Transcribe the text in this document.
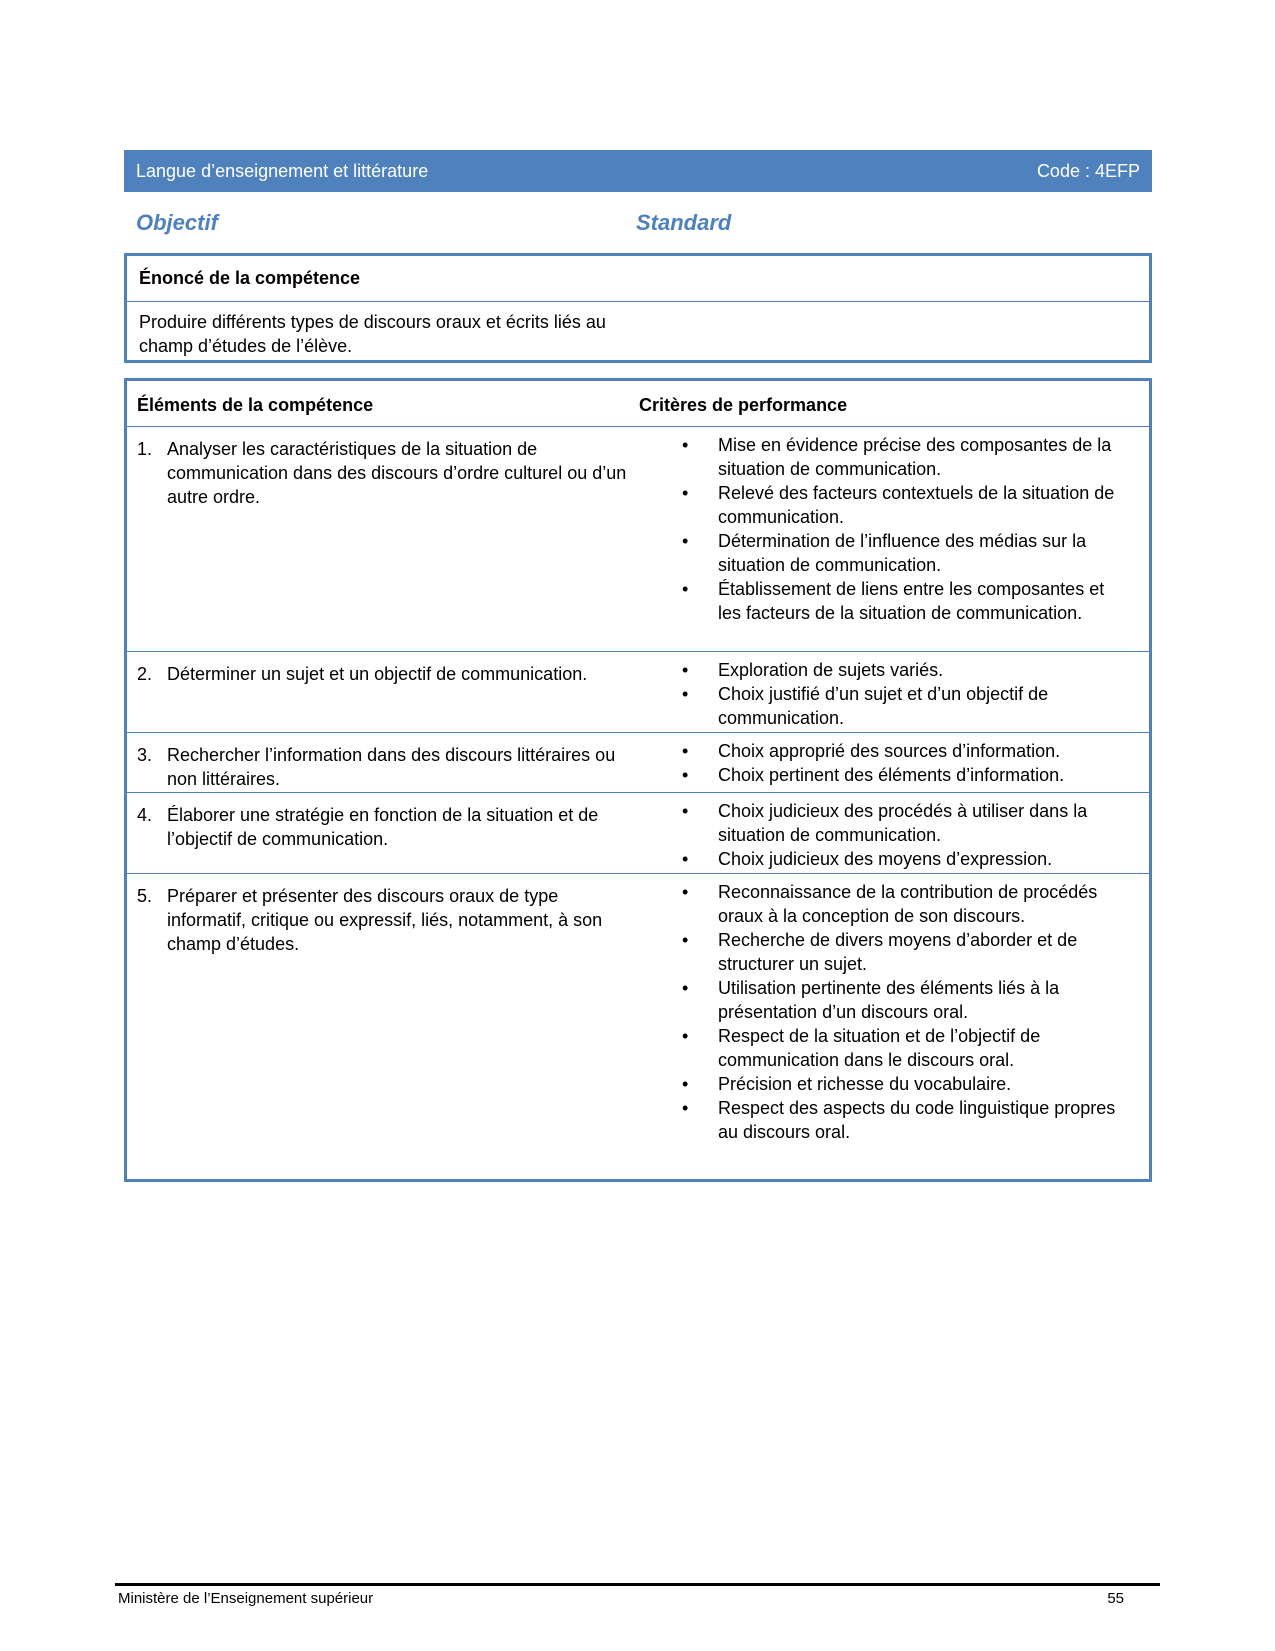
Langue d’enseignement et littérature	Code : 4EFP
Objectif	Standard
Énoncé de la compétence
Produire différents types de discours oraux et écrits liés au champ d’études de l’élève.
Éléments de la compétence	Critères de performance
1. Analyser les caractéristiques de la situation de communication dans des discours d’ordre culturel ou d’un autre ordre.
• Mise en évidence précise des composantes de la situation de communication.
• Relevé des facteurs contextuels de la situation de communication.
• Détermination de l’influence des médias sur la situation de communication.
• Établissement de liens entre les composantes et les facteurs de la situation de communication.
2. Déterminer un sujet et un objectif de communication.
•	Exploration de sujets variés.
• Choix justifié d’un sujet et d’un objectif de communication.
3. Rechercher l’information dans des discours littéraires ou non littéraires.
• Choix approprié des sources d’information.
• Choix pertinent des éléments d’information.
4. Élaborer une stratégie en fonction de la situation et de l’objectif de communication.
• Choix judicieux des procédés à utiliser dans la situation de communication.
• Choix judicieux des moyens d’expression.
5. Préparer et présenter des discours oraux de type informatif, critique ou expressif, liés, notamment, à son champ d’études.
• Reconnaissance de la contribution de procédés oraux à la conception de son discours.
• Recherche de divers moyens d’aborder et de structurer un sujet.
• Utilisation pertinente des éléments liés à la présentation d’un discours oral.
• Respect de la situation et de l’objectif de communication dans le discours oral.
• Précision et richesse du vocabulaire.
• Respect des aspects du code linguistique propres au discours oral.
Ministère de l’Enseignement supérieur	55
